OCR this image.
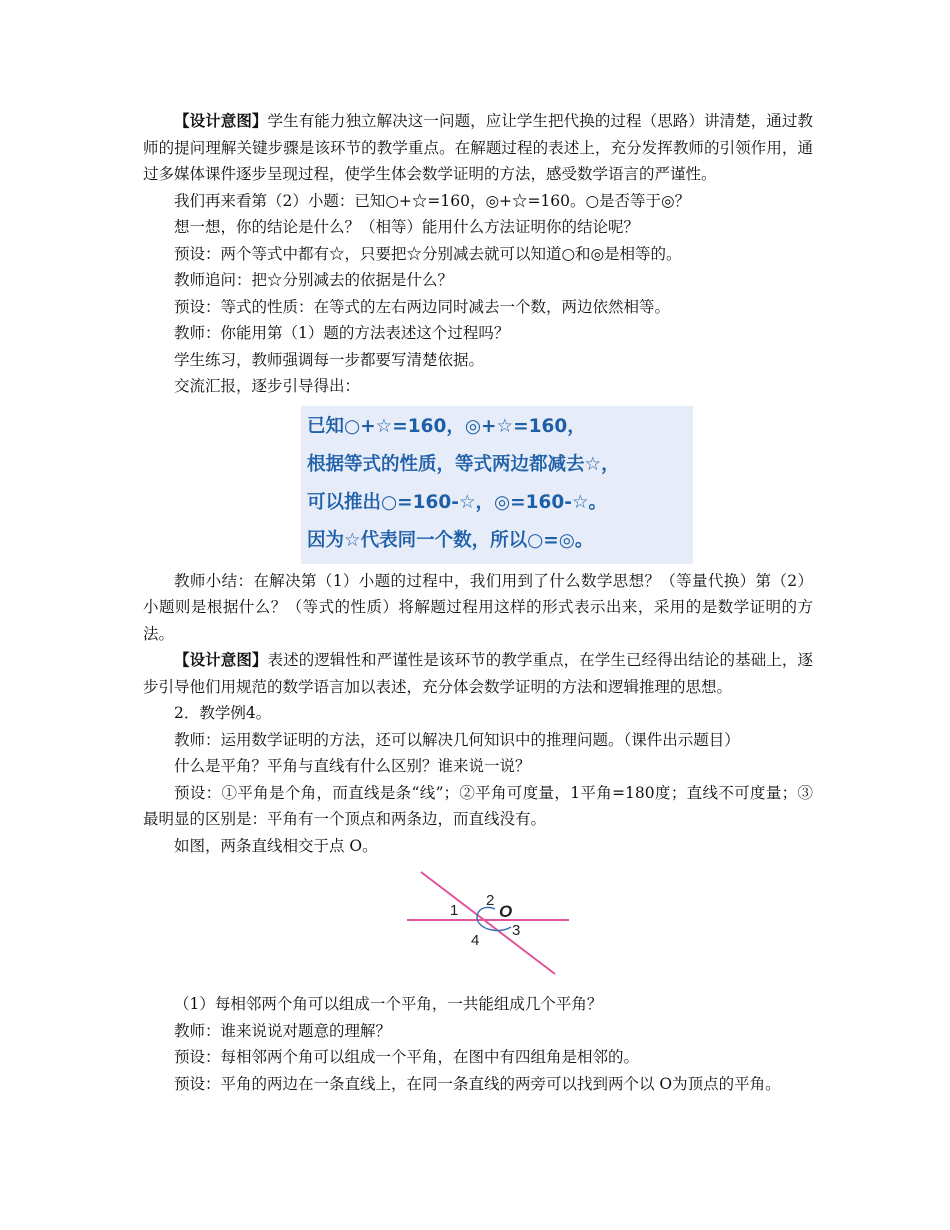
【设计意图】学生有能力独立解决这一问题，应让学生把代换的过程（思路）讲清楚，通过教师的提问理解关键步骤是该环节的教学重点。在解题过程的表述上，充分发挥教师的引领作用，通过多媒体课件逐步呈现过程，使学生体会数学证明的方法，感受数学语言的严谨性。

我们再来看第（2）小题：已知○+☆=160，◎+☆=160。○是否等于◎？

想一想，你的结论是什么？（相等）能用什么方法证明你的结论呢？

预设：两个等式中都有☆，只要把☆分别减去就可以知道○和◎是相等的。

教师追问：把☆分别减去的依据是什么？

预设：等式的性质：在等式的左右两边同时减去一个数，两边依然相等。

教师：你能用第（1）题的方法表述这个过程吗？

学生练习，教师强调每一步都要写清楚依据。

交流汇报，逐步引导得出：

已知○+☆=160，◎+☆=160，
根据等式的性质，等式两边都减去☆，
可以推出○=160-☆，◎=160-☆。
因为☆代表同一个数，所以○=◎。

教师小结：在解决第（1）小题的过程中，我们用到了什么数学思想？（等量代换）第（2）小题则是根据什么？（等式的性质）将解题过程用这样的形式表示出来，采用的是数学证明的方法。

【设计意图】表述的逻辑性和严谨性是该环节的教学重点，在学生已经得出结论的基础上，逐步引导他们用规范的数学语言加以表述，充分体会数学证明的方法和逻辑推理的思想。

2．教学例4。

教师：运用数学证明的方法，还可以解决几何知识中的推理问题。（课件出示题目）

什么是平角？平角与直线有什么区别？谁来说一说？

预设：①平角是个角，而直线是条“线”；②平角可度量，1平角=180度；直线不可度量；③最明显的区别是：平角有一个顶点和两条边，而直线没有。

如图，两条直线相交于点 O。

1
2
O
3
4

（1）每相邻两个角可以组成一个平角，一共能组成几个平角？

教师：谁来说说对题意的理解？

预设：每相邻两个角可以组成一个平角，在图中有四组角是相邻的。

预设：平角的两边在一条直线上，在同一条直线的两旁可以找到两个以 O为顶点的平角。
